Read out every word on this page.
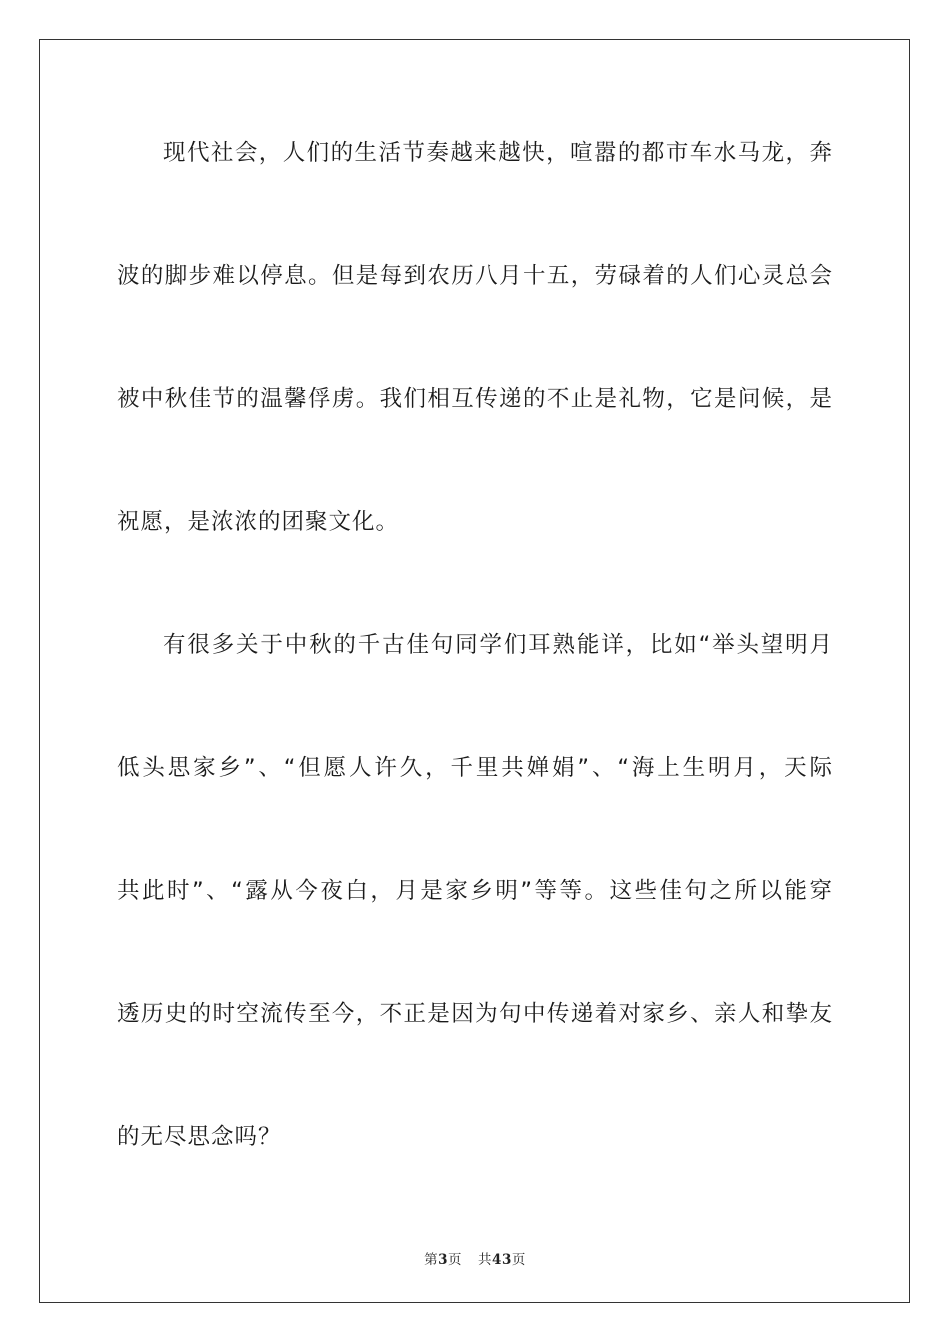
现代社会，人们的生活节奏越来越快，喧嚣的都市车水马龙，奔
波的脚步难以停息。但是每到农历八月十五，劳碌着的人们心灵总会
被中秋佳节的温馨俘虏。我们相互传递的不止是礼物，它是问候，是
祝愿，是浓浓的团聚文化。
有很多关于中秋的千古佳句同学们耳熟能详，比如“举头望明月
低头思家乡”、“但愿人许久，千里共婵娟”、“海上生明月，天际
共此时”、“露从今夜白，月是家乡明”等等。这些佳句之所以能穿
透历史的时空流传至今，不正是因为句中传递着对家乡、亲人和挚友
的无尽思念吗？
第3页 共43页
